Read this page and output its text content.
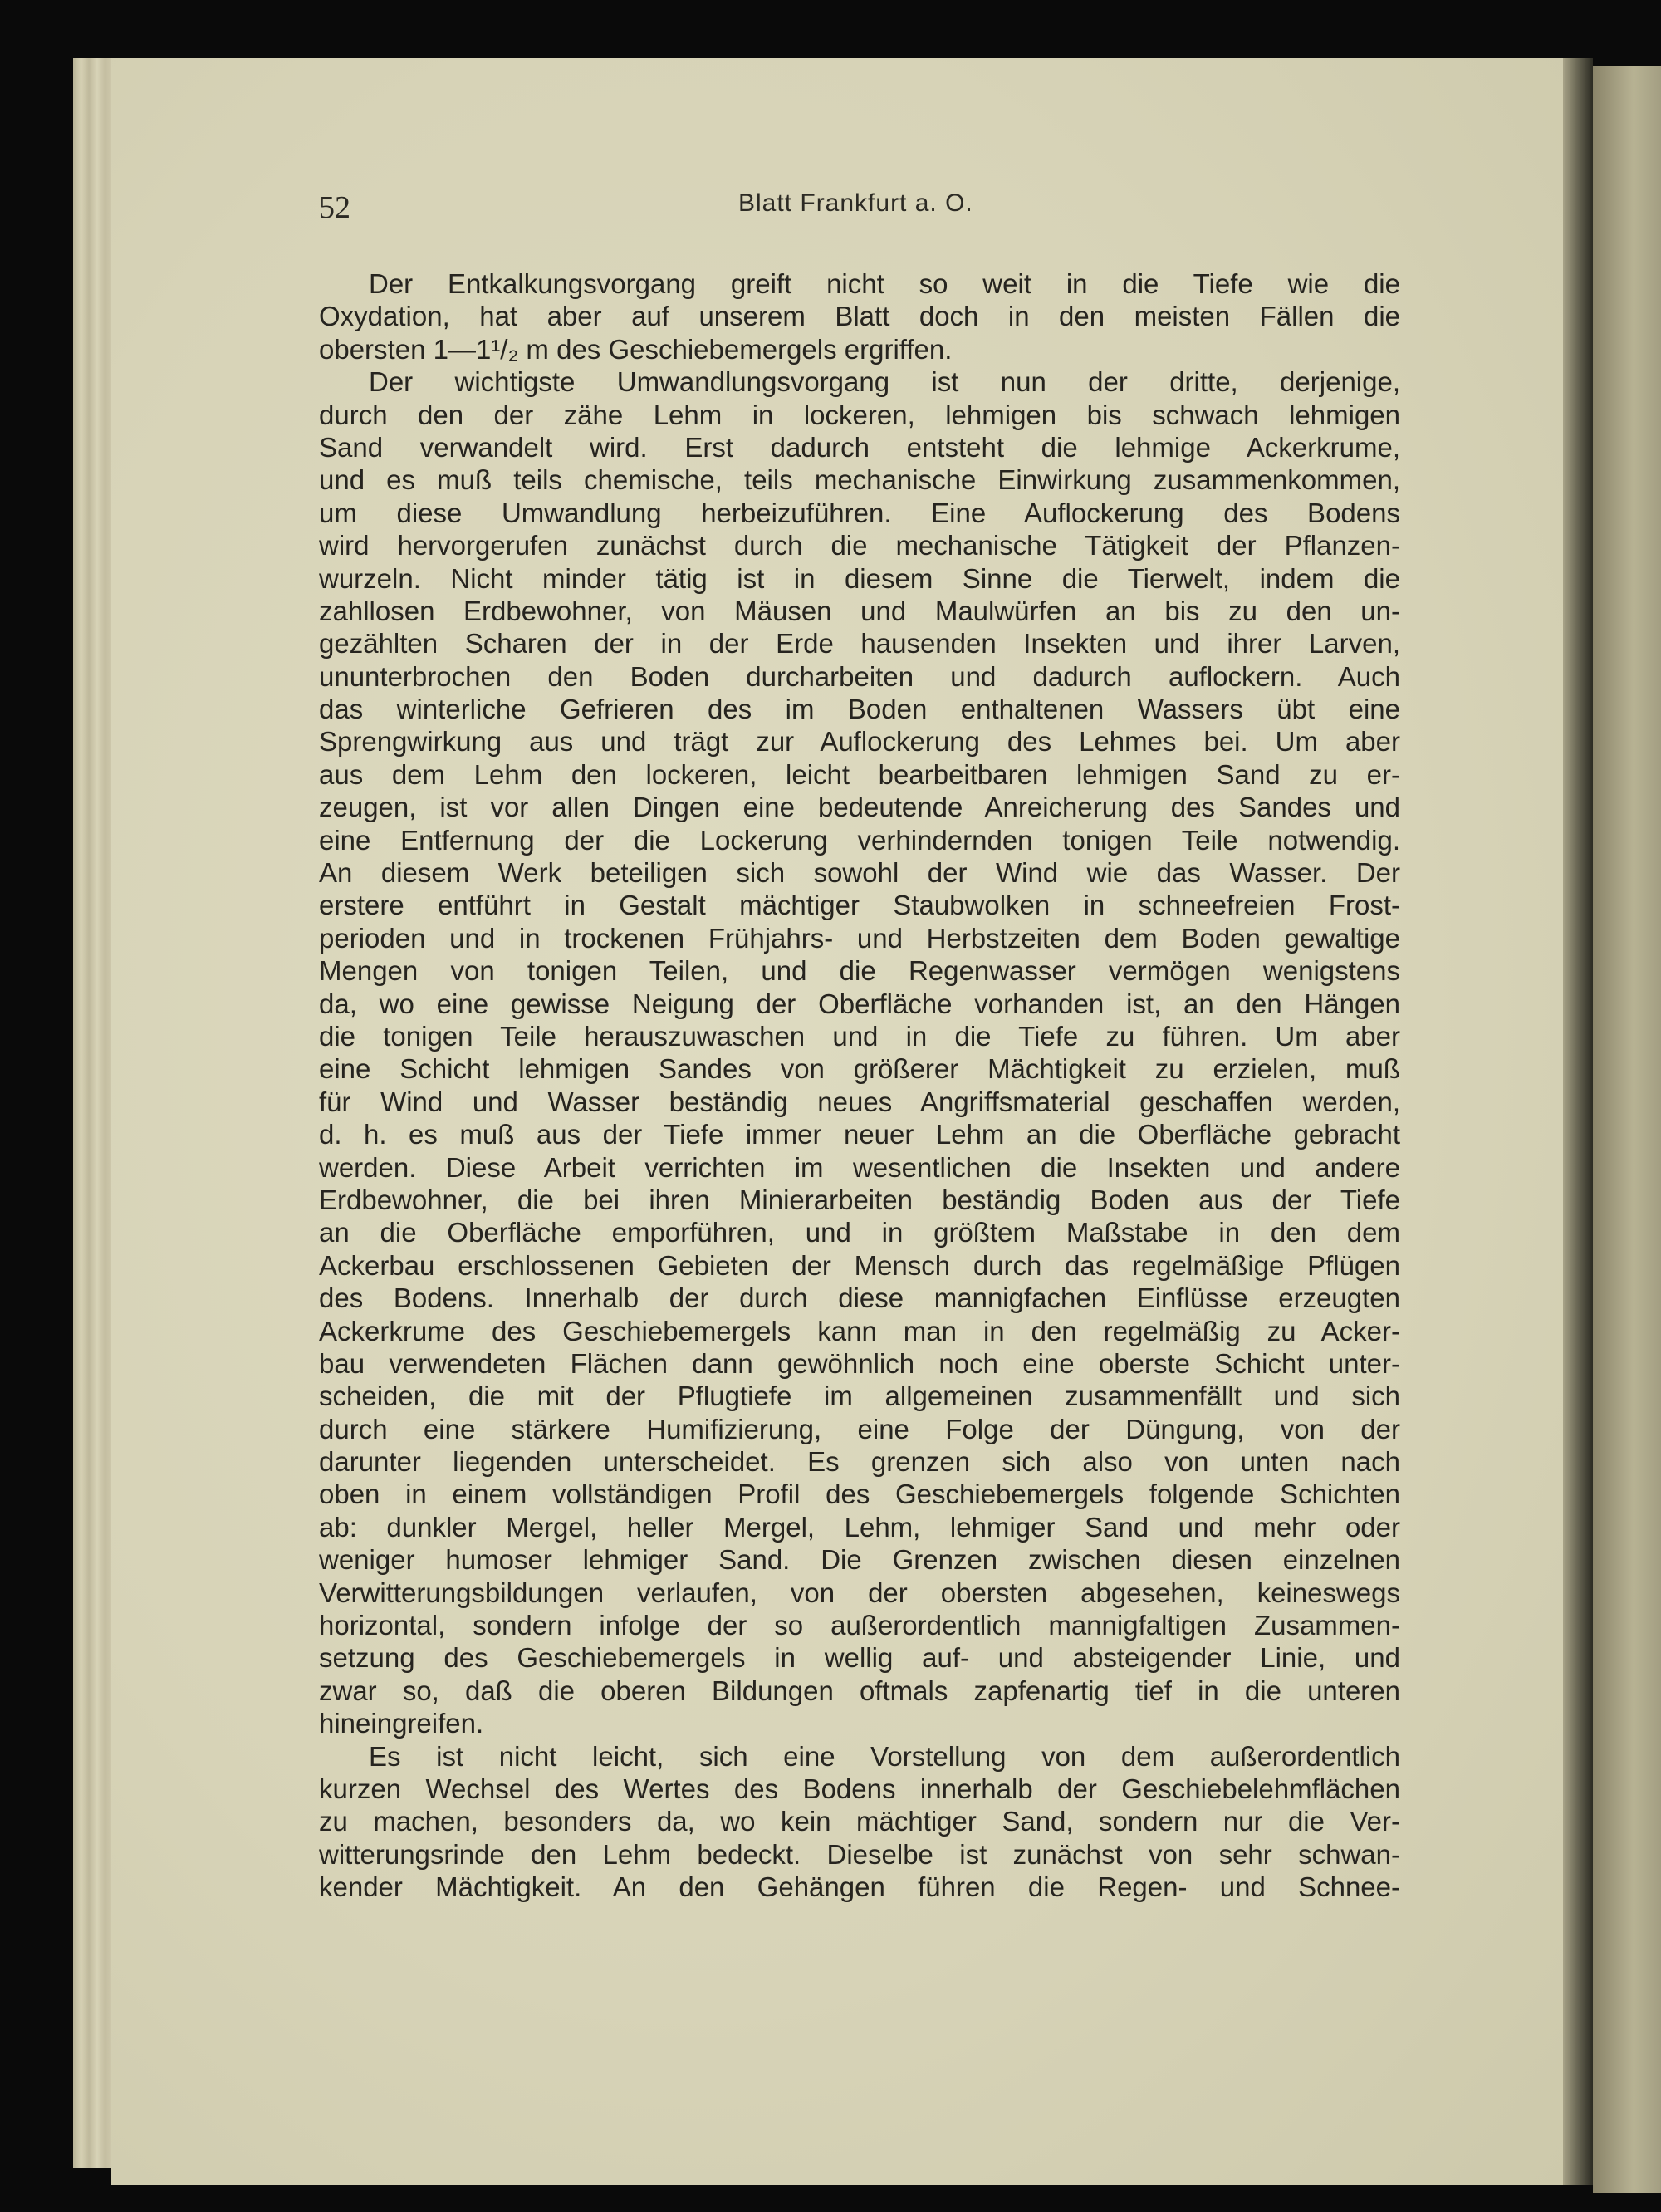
52	Blatt Frankfurt a. O.

Der Entkalkungsvorgang greift nicht so weit in die Tiefe wie die
Oxydation, hat aber auf unserem Blatt doch in den meisten Fällen die
obersten 1—1¹/₂ m des Geschiebemergels ergriffen.

Der wichtigste Umwandlungsvorgang ist nun der dritte, derjenige,
durch den der zähe Lehm in lockeren, lehmigen bis schwach lehmigen
Sand verwandelt wird. Erst dadurch entsteht die lehmige Ackerkrume,
und es muß teils chemische, teils mechanische Einwirkung zusammenkommen,
um diese Umwandlung herbeizuführen. Eine Auflockerung des Bodens
wird hervorgerufen zunächst durch die mechanische Tätigkeit der Pflanzen-
wurzeln. Nicht minder tätig ist in diesem Sinne die Tierwelt, indem die
zahllosen Erdbewohner, von Mäusen und Maulwürfen an bis zu den un-
gezählten Scharen der in der Erde hausenden Insekten und ihrer Larven,
ununterbrochen den Boden durcharbeiten und dadurch auflockern. Auch
das winterliche Gefrieren des im Boden enthaltenen Wassers übt eine
Sprengwirkung aus und trägt zur Auflockerung des Lehmes bei. Um aber
aus dem Lehm den lockeren, leicht bearbeitbaren lehmigen Sand zu er-
zeugen, ist vor allen Dingen eine bedeutende Anreicherung des Sandes und
eine Entfernung der die Lockerung verhindernden tonigen Teile notwendig.
An diesem Werk beteiligen sich sowohl der Wind wie das Wasser. Der
erstere entführt in Gestalt mächtiger Staubwolken in schneefreien Frost-
perioden und in trockenen Frühjahrs- und Herbstzeiten dem Boden gewaltige
Mengen von tonigen Teilen, und die Regenwasser vermögen wenigstens
da, wo eine gewisse Neigung der Oberfläche vorhanden ist, an den Hängen
die tonigen Teile herauszuwaschen und in die Tiefe zu führen. Um aber
eine Schicht lehmigen Sandes von größerer Mächtigkeit zu erzielen, muß
für Wind und Wasser beständig neues Angriffsmaterial geschaffen werden,
d. h. es muß aus der Tiefe immer neuer Lehm an die Oberfläche gebracht
werden. Diese Arbeit verrichten im wesentlichen die Insekten und andere
Erdbewohner, die bei ihren Minierarbeiten beständig Boden aus der Tiefe
an die Oberfläche emporführen, und in größtem Maßstabe in den dem
Ackerbau erschlossenen Gebieten der Mensch durch das regelmäßige Pflügen
des Bodens. Innerhalb der durch diese mannigfachen Einflüsse erzeugten
Ackerkrume des Geschiebemergels kann man in den regelmäßig zu Acker-
bau verwendeten Flächen dann gewöhnlich noch eine oberste Schicht unter-
scheiden, die mit der Pflugtiefe im allgemeinen zusammenfällt und sich
durch eine stärkere Humifizierung, eine Folge der Düngung, von der
darunter liegenden unterscheidet. Es grenzen sich also von unten nach
oben in einem vollständigen Profil des Geschiebemergels folgende Schichten
ab: dunkler Mergel, heller Mergel, Lehm, lehmiger Sand und mehr oder
weniger humoser lehmiger Sand. Die Grenzen zwischen diesen einzelnen
Verwitterungsbildungen verlaufen, von der obersten abgesehen, keineswegs
horizontal, sondern infolge der so außerordentlich mannigfaltigen Zusammen-
setzung des Geschiebemergels in wellig auf- und absteigender Linie, und
zwar so, daß die oberen Bildungen oftmals zapfenartig tief in die unteren
hineingreifen.

Es ist nicht leicht, sich eine Vorstellung von dem außerordentlich
kurzen Wechsel des Wertes des Bodens innerhalb der Geschiebelehmflächen
zu machen, besonders da, wo kein mächtiger Sand, sondern nur die Ver-
witterungsrinde den Lehm bedeckt. Dieselbe ist zunächst von sehr schwan-
kender Mächtigkeit. An den Gehängen führen die Regen- und Schnee-
